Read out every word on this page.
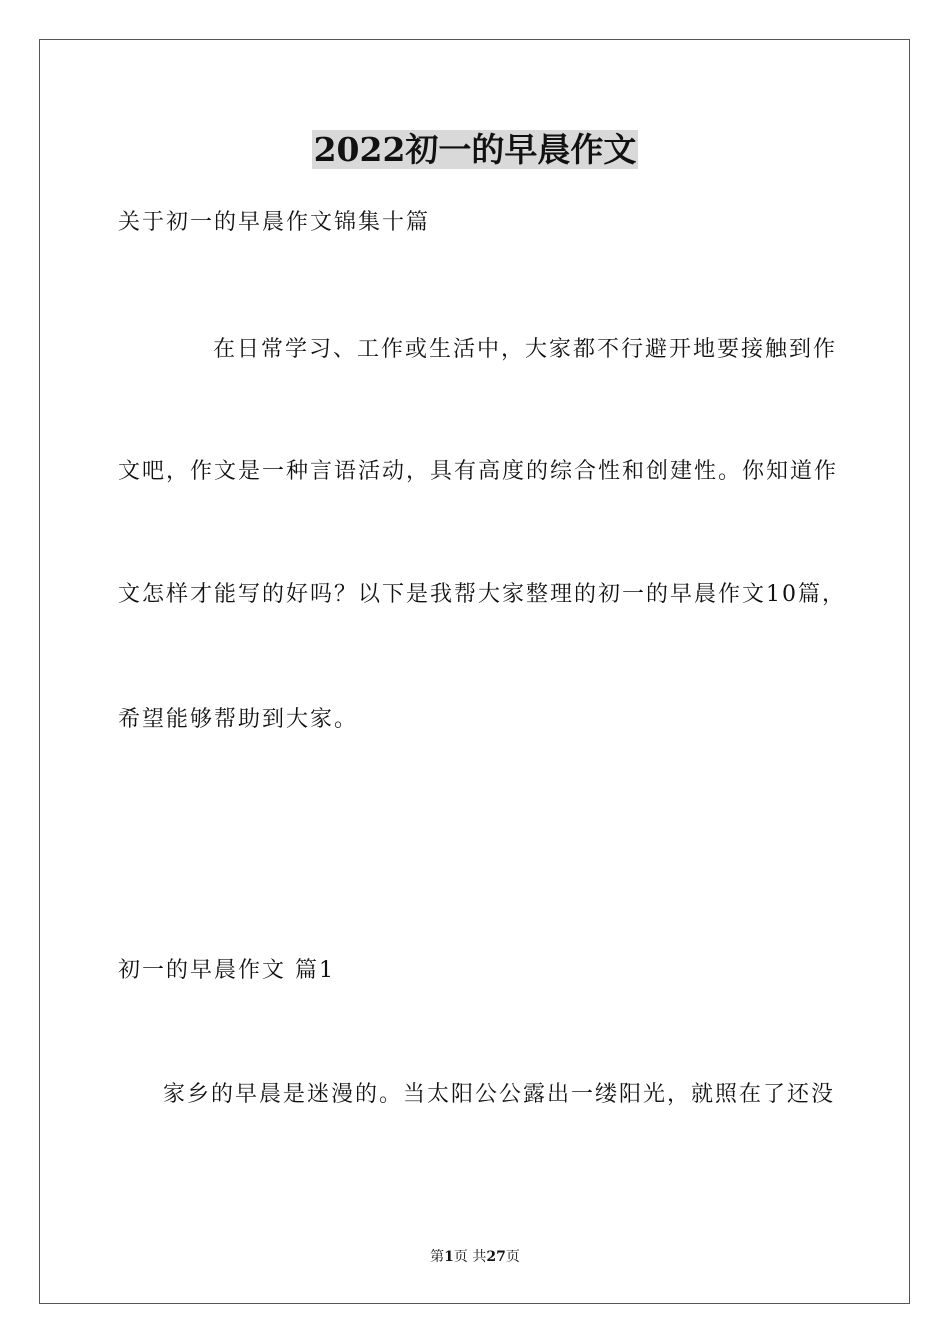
2022初一的早晨作文
关于初一的早晨作文锦集十篇
在日常学习、工作或生活中，大家都不行避开地要接触到作
文吧，作文是一种言语活动，具有高度的综合性和创建性。你知道作
文怎样才能写的好吗？以下是我帮大家整理的初一的早晨作文10篇，
希望能够帮助到大家。
初一的早晨作文 篇1
家乡的早晨是迷漫的。当太阳公公露出一缕阳光，就照在了还没
第1页 共27页
